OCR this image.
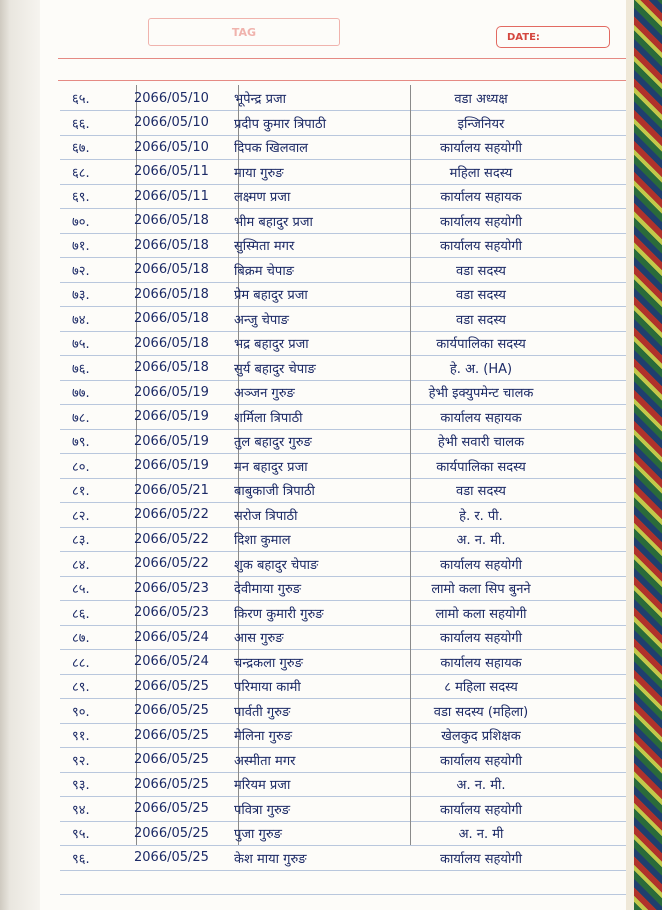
TAG	DATE:
६५.	2066/05/10	भूपेन्द्र प्रजा	वडा अध्यक्ष
६६.	2066/05/10	प्रदीप कुमार त्रिपाठी	इन्जिनियर
६७.	2066/05/10	दिपक खिलवाल	कार्यालय सहयोगी
६८.	2066/05/11	माया गुरुङ	महिला सदस्य
६९.	2066/05/11	लक्ष्मण प्रजा	कार्यालय सहायक
७०.	2066/05/18	भीम बहादुर प्रजा	कार्यालय सहयोगी
७१.	2066/05/18	सुस्मिता मगर	कार्यालय सहयोगी
७२.	2066/05/18	बिक्रम चेपाङ	वडा सदस्य
७३.	2066/05/18	प्रेम बहादुर प्रजा	वडा सदस्य
७४.	2066/05/18	अन्जु चेपाङ	वडा सदस्य
७५.	2066/05/18	भद्र बहादुर प्रजा	कार्यपालिका सदस्य
७६.	2066/05/18	सुर्य बहादुर चेपाङ	हे. अ. (HA)
७७.	2066/05/19	अञ्जन गुरुङ	हेभी इक्युपमेन्ट चालक
७८.	2066/05/19	शर्मिला त्रिपाठी	कार्यालय सहायक
७९.	2066/05/19	तुल बहादुर गुरुङ	हेभी सवारी चालक
८०.	2066/05/19	मन बहादुर प्रजा	कार्यपालिका सदस्य
८१.	2066/05/21	बाबुकाजी त्रिपाठी	वडा सदस्य
८२.	2066/05/22	सरोज त्रिपाठी	हे. र. पी.
८३.	2066/05/22	दिशा कुमाल	अ. न. मी.
८४.	2066/05/22	शुक बहादुर चेपाङ	कार्यालय सहयोगी
८५.	2066/05/23	देवीमाया गुरुङ	लामो कला सिप बुनने
८६.	2066/05/23	किरण कुमारी गुरुङ	लामो कला सहयोगी
८७.	2066/05/24	आस गुरुङ	कार्यालय सहयोगी
८८.	2066/05/24	चन्द्रकला गुरुङ	कार्यालय सहायक
८९.	2066/05/25	परिमाया कामी	८ महिला सदस्य
९०.	2066/05/25	पार्वती गुरुङ	वडा सदस्य (महिला)
९१.	2066/05/25	मेलिना गुरुङ	खेलकुद प्रशिक्षक
९२.	2066/05/25	अस्मीता मगर	कार्यालय सहयोगी
९३.	2066/05/25	मरियम प्रजा	अ. न. मी.
९४.	2066/05/25	पवित्रा गुरुङ	कार्यालय सहयोगी
९५.	2066/05/25	पुजा गुरुङ	अ. न. मी
९६.	2066/05/25	केश माया गुरुङ	कार्यालय सहयोगी
